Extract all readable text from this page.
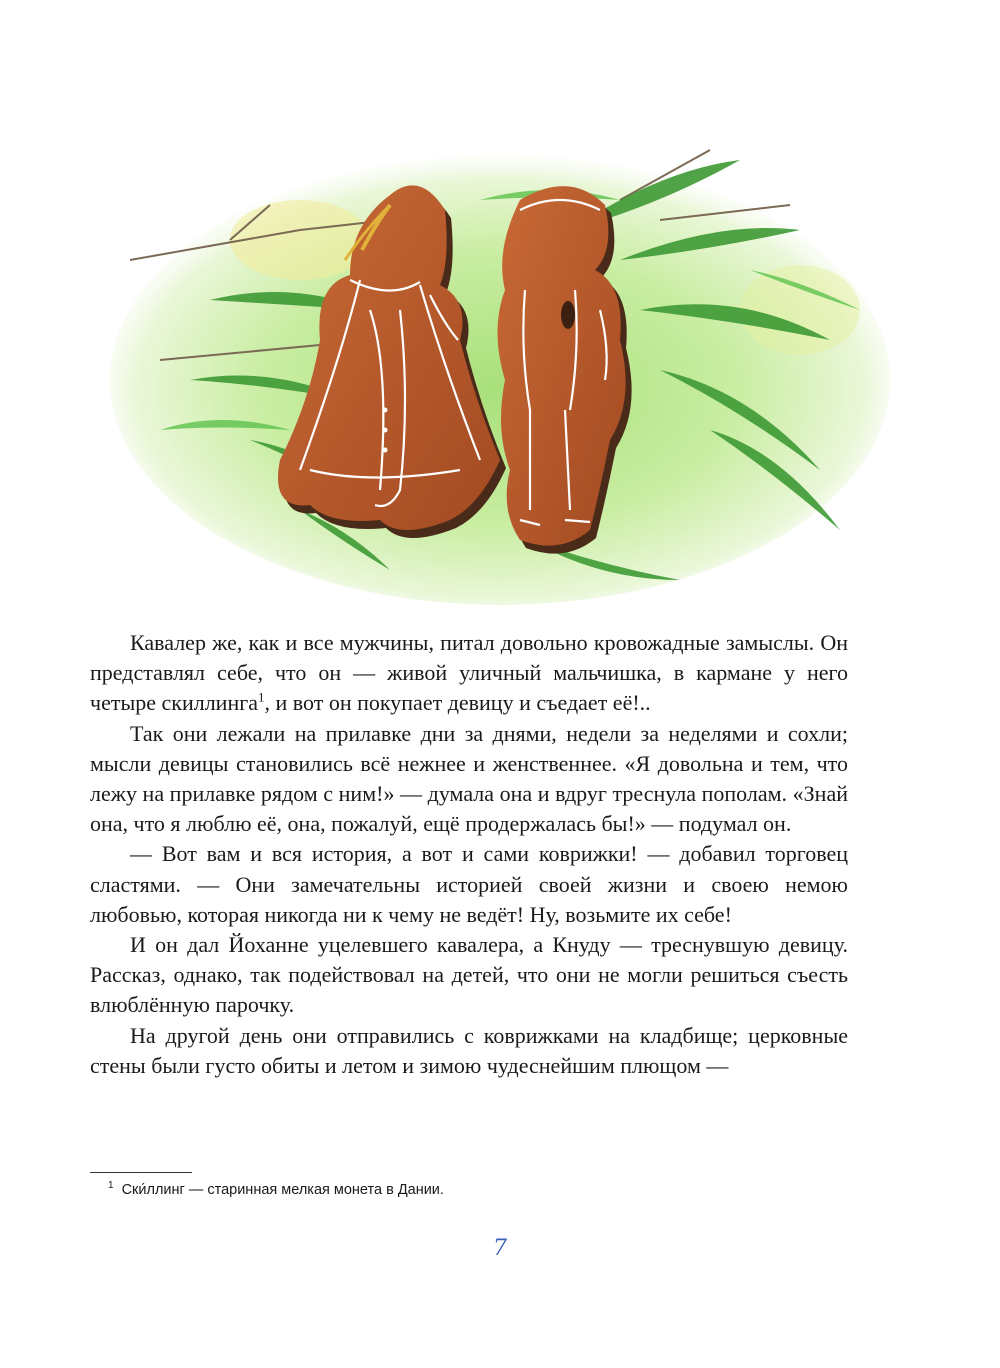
Кавалер же, как и все мужчины, питал довольно кровожадные замыслы. Он представлял себе, что он — живой уличный мальчишка, в кармане у него четыре скиллинга$^1$, и вот он покупает девицу и съедает её!..

Так они лежали на прилавке дни за днями, недели за неделями и сохли; мысли девицы становились всё нежнее и женственнее. «Я довольна и тем, что лежу на прилавке рядом с ним!» — думала она и вдруг треснула пополам. «Знай она, что я люблю её, она, пожалуй, ещё продержалась бы!» — подумал он.

— Вот вам и вся история, а вот и сами коврижки! — добавил торговец сластями. — Они замечательны историей своей жизни и своею немою любовью, которая никогда ни к чему не ведёт! Ну, возьмите их себе!

И он дал Йоханне уцелевшего кавалера, а Кнуду — треснувшую девицу. Рассказ, однако, так подействовал на детей, что они не могли решиться съесть влюблённую парочку.

На другой день они отправились с коврижками на кладбище; церковные стены были густо обиты и летом и зимою чудеснейшим плющом —

$^1$ Ски́ллинг — старинная мелкая монета в Дании.
7
